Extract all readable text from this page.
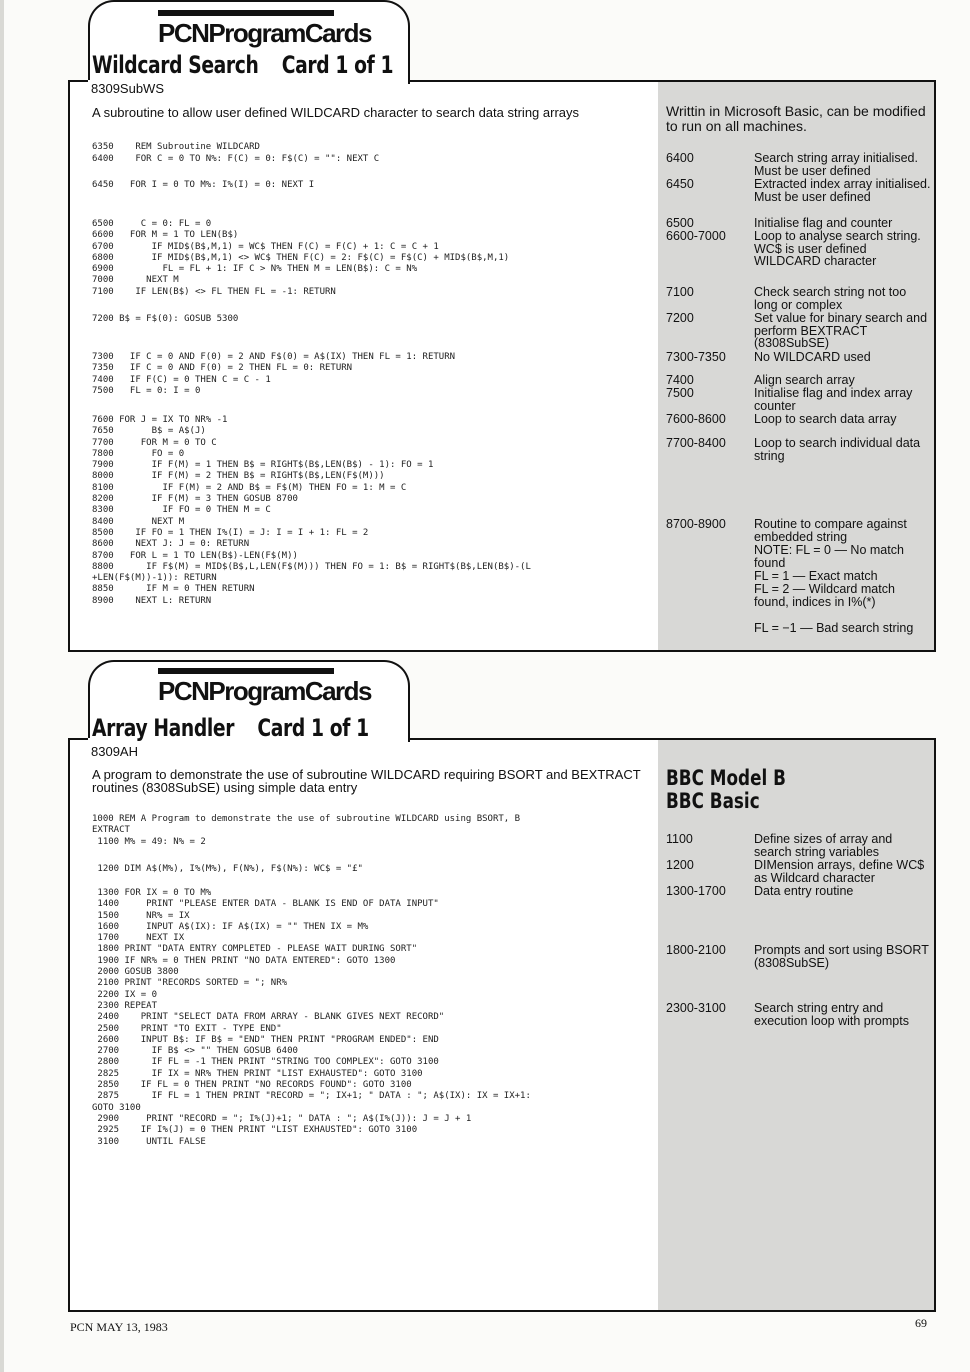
PCNProgramCards
Wildcard Search Card 1 of 1
8309SubWS
Writtin in Microsoft Basic, can be modified to run on all machines.
6400	Search string array initialised. Must be user defined
6450	Extracted index array initialised. Must be user defined
6500	Initialise flag and counter
6600-7000 Loop to analyse search string. WC$ is user defined WILDCARD character
7100	Check search string not too long or complex
7200	Set value for binary search and perform BEXTRACT (8308SubSE)
7300-7350 No WILDCARD used
7400	Align search array
7500	Initialise flag and index array counter
7600-8600 Loop to search data array
7700-8400 Loop to search individual data string
8700-8900 Routine to compare against embedded string
NOTE: FL = 0 — No match found
FL = 1 — Exact match
FL = 2 — Wildcard match found, indices in I%(*)
FL = −1 — Bad search string
A subroutine to allow user defined WILDCARD character to search data string arrays
6350    REM Subroutine WILDCARD
6400    FOR C = 0 TO N%: F(C) = 0: F$(C) = "": NEXT C
6450   FOR I = 0 TO M%: I%(I) = 0: NEXT I
6500     C = 0: FL = 0
6600   FOR M = 1 TO LEN(B$)
6700       IF MID$(B$,M,1) = WC$ THEN F(C) = F(C) + 1: C = C + 1
6800       IF MID$(B$,M,1) <> WC$ THEN F(C) = 2: F$(C) = F$(C) + MID$(B$,M,1)
6900         FL = FL + 1: IF C > N% THEN M = LEN(B$): C = N%
7000      NEXT M
7100    IF LEN(B$) <> FL THEN FL = -1: RETURN
7200 B$ = F$(0): GOSUB 5300
7300   IF C = 0 AND F(0) = 2 AND F$(0) = A$(IX) THEN FL = 1: RETURN
7350   IF C = 0 AND F(0) = 2 THEN FL = 0: RETURN
7400   IF F(C) = 0 THEN C = C - 1
7500   FL = 0: I = 0
7600 FOR J = IX TO NR% -1
7650       B$ = A$(J)
7700     FOR M = 0 TO C
7800       FO = 0
7900       IF F(M) = 1 THEN B$ = RIGHT$(B$,LEN(B$) - 1): FO = 1
8000       IF F(M) = 2 THEN B$ = RIGHT$(B$,LEN(F$(M)))
8100         IF F(M) = 2 AND B$ = F$(M) THEN FO = 1: M = C
8200       IF F(M) = 3 THEN GOSUB 8700
8300         IF FO = 0 THEN M = C
8400       NEXT M
8500    IF FO = 1 THEN I%(I) = J: I = I + 1: FL = 2
8600    NEXT J: J = 0: RETURN
8700   FOR L = 1 TO LEN(B$)-LEN(F$(M))
8800      IF F$(M) = MID$(B$,L,LEN(F$(M))) THEN FO = 1: B$ = RIGHT$(B$,LEN(B$)-(L
+LEN(F$(M))-1)): RETURN
8850      IF M = 0 THEN RETURN
8900    NEXT L: RETURN
PCNProgramCards
Array Handler Card 1 of 1
8309AH
BBC Model B
BBC Basic
1100	Define sizes of array and search string variables
1200	DIMension arrays, define WC$ as Wildcard character
1300-1700 Data entry routine
1800-2100 Prompts and sort using BSORT (8308SubSE)
2300-3100 Search string entry and execution loop with prompts
A program to demonstrate the use of subroutine WILDCARD requiring BSORT and BEXTRACT routines (8308SubSE) using simple data entry
1000 REM A Program to demonstrate the use of subroutine WILDCARD using BSORT, B
EXTRACT
1100 M% = 49: N% = 2
1200 DIM A$(M%), I%(M%), F(N%), F$(N%): WC$ = "£"
1300 FOR IX = 0 TO M%
1400     PRINT "PLEASE ENTER DATA - BLANK IS END OF DATA INPUT"
1500     NR% = IX
1600     INPUT A$(IX): IF A$(IX) = "" THEN IX = M%
1700     NEXT IX
1800 PRINT "DATA ENTRY COMPLETED - PLEASE WAIT DURING SORT"
1900 IF NR% = 0 THEN PRINT "NO DATA ENTERED": GOTO 1300
2000 GOSUB 3800
2100 PRINT "RECORDS SORTED = "; NR%
2200 IX = 0
2300 REPEAT
2400    PRINT "SELECT DATA FROM ARRAY - BLANK GIVES NEXT RECORD"
2500    PRINT "TO EXIT - TYPE END"
2600    INPUT B$: IF B$ = "END" THEN PRINT "PROGRAM ENDED": END
2700      IF B$ <> "" THEN GOSUB 6400
2800      IF FL = -1 THEN PRINT "STRING TOO COMPLEX": GOTO 3100
2825      IF IX = NR% THEN PRINT "LIST EXHAUSTED": GOTO 3100
2850    IF FL = 0 THEN PRINT "NO RECORDS FOUND": GOTO 3100
2875      IF FL = 1 THEN PRINT "RECORD = "; IX+1; " DATA : "; A$(IX): IX = IX+1:
GOTO 3100
2900     PRINT "RECORD = "; I%(J)+1; " DATA : "; A$(I%(J)): J = J + 1
2925    IF I%(J) = 0 THEN PRINT "LIST EXHAUSTED": GOTO 3100
3100     UNTIL FALSE
PCN MAY 13, 1983	69
